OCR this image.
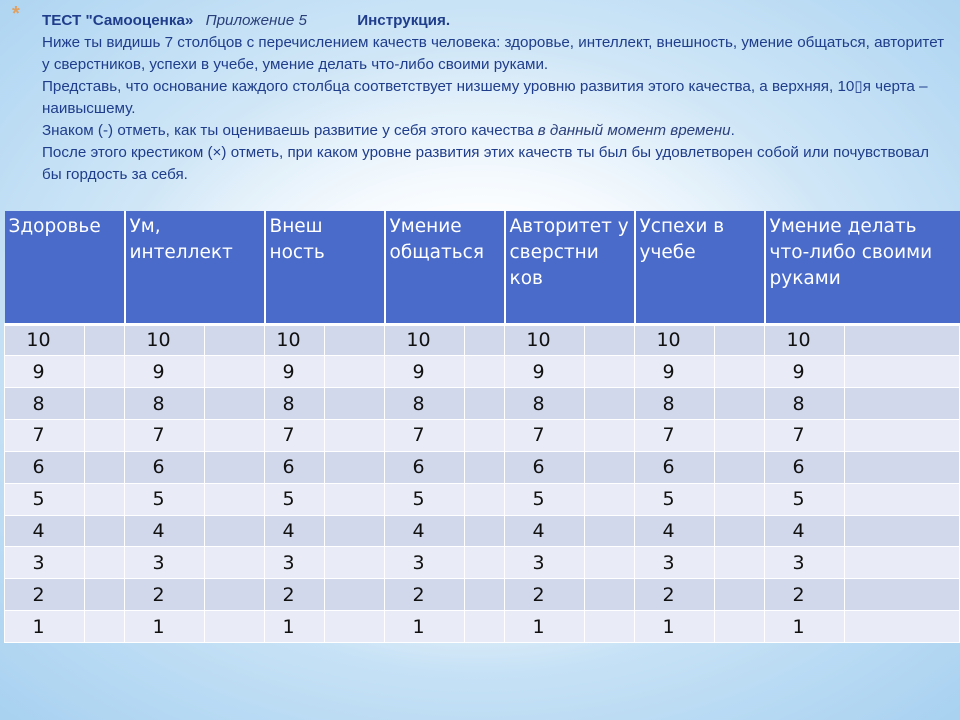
* ТЕСТ "Самооценка» Приложение 5	Инструкция.

Ниже ты видишь 7 столбцов с перечислением качеств человека: здоровье, интеллект, внешность, умение общаться, авторитет у сверстников, успехи в учебе, умение делать что-либо своими руками.

Представь, что основание каждого столбца соответствует низшему уровню развития этого качества, а верхняя, 10▯я черта – наивысшему.

Знаком (-) отметь, как ты оцениваешь развитие у себя этого качества в данный момент времени.

После этого крестиком (×) отметь, при каком уровне развития этих качеств ты был бы удовлетворен собой или почувствовал бы гордость за себя.

Здоровье		Ум, интеллект		Внеш ность		Умение общаться		Авторитет у сверстни ков		Успехи в учебе		Умение делать что-либо своими руками	
10		10		10		10		10		10		10	
9		9		9		9		9		9		9	
8		8		8		8		8		8		8	
7		7		7		7		7		7		7	
6		6		6		6		6		6		6	
5		5		5		5		5		5		5	
4		4		4		4		4		4		4	
3		3		3		3		3		3		3	
2		2		2		2		2		2		2	
1		1		1		1		1		1		1	
